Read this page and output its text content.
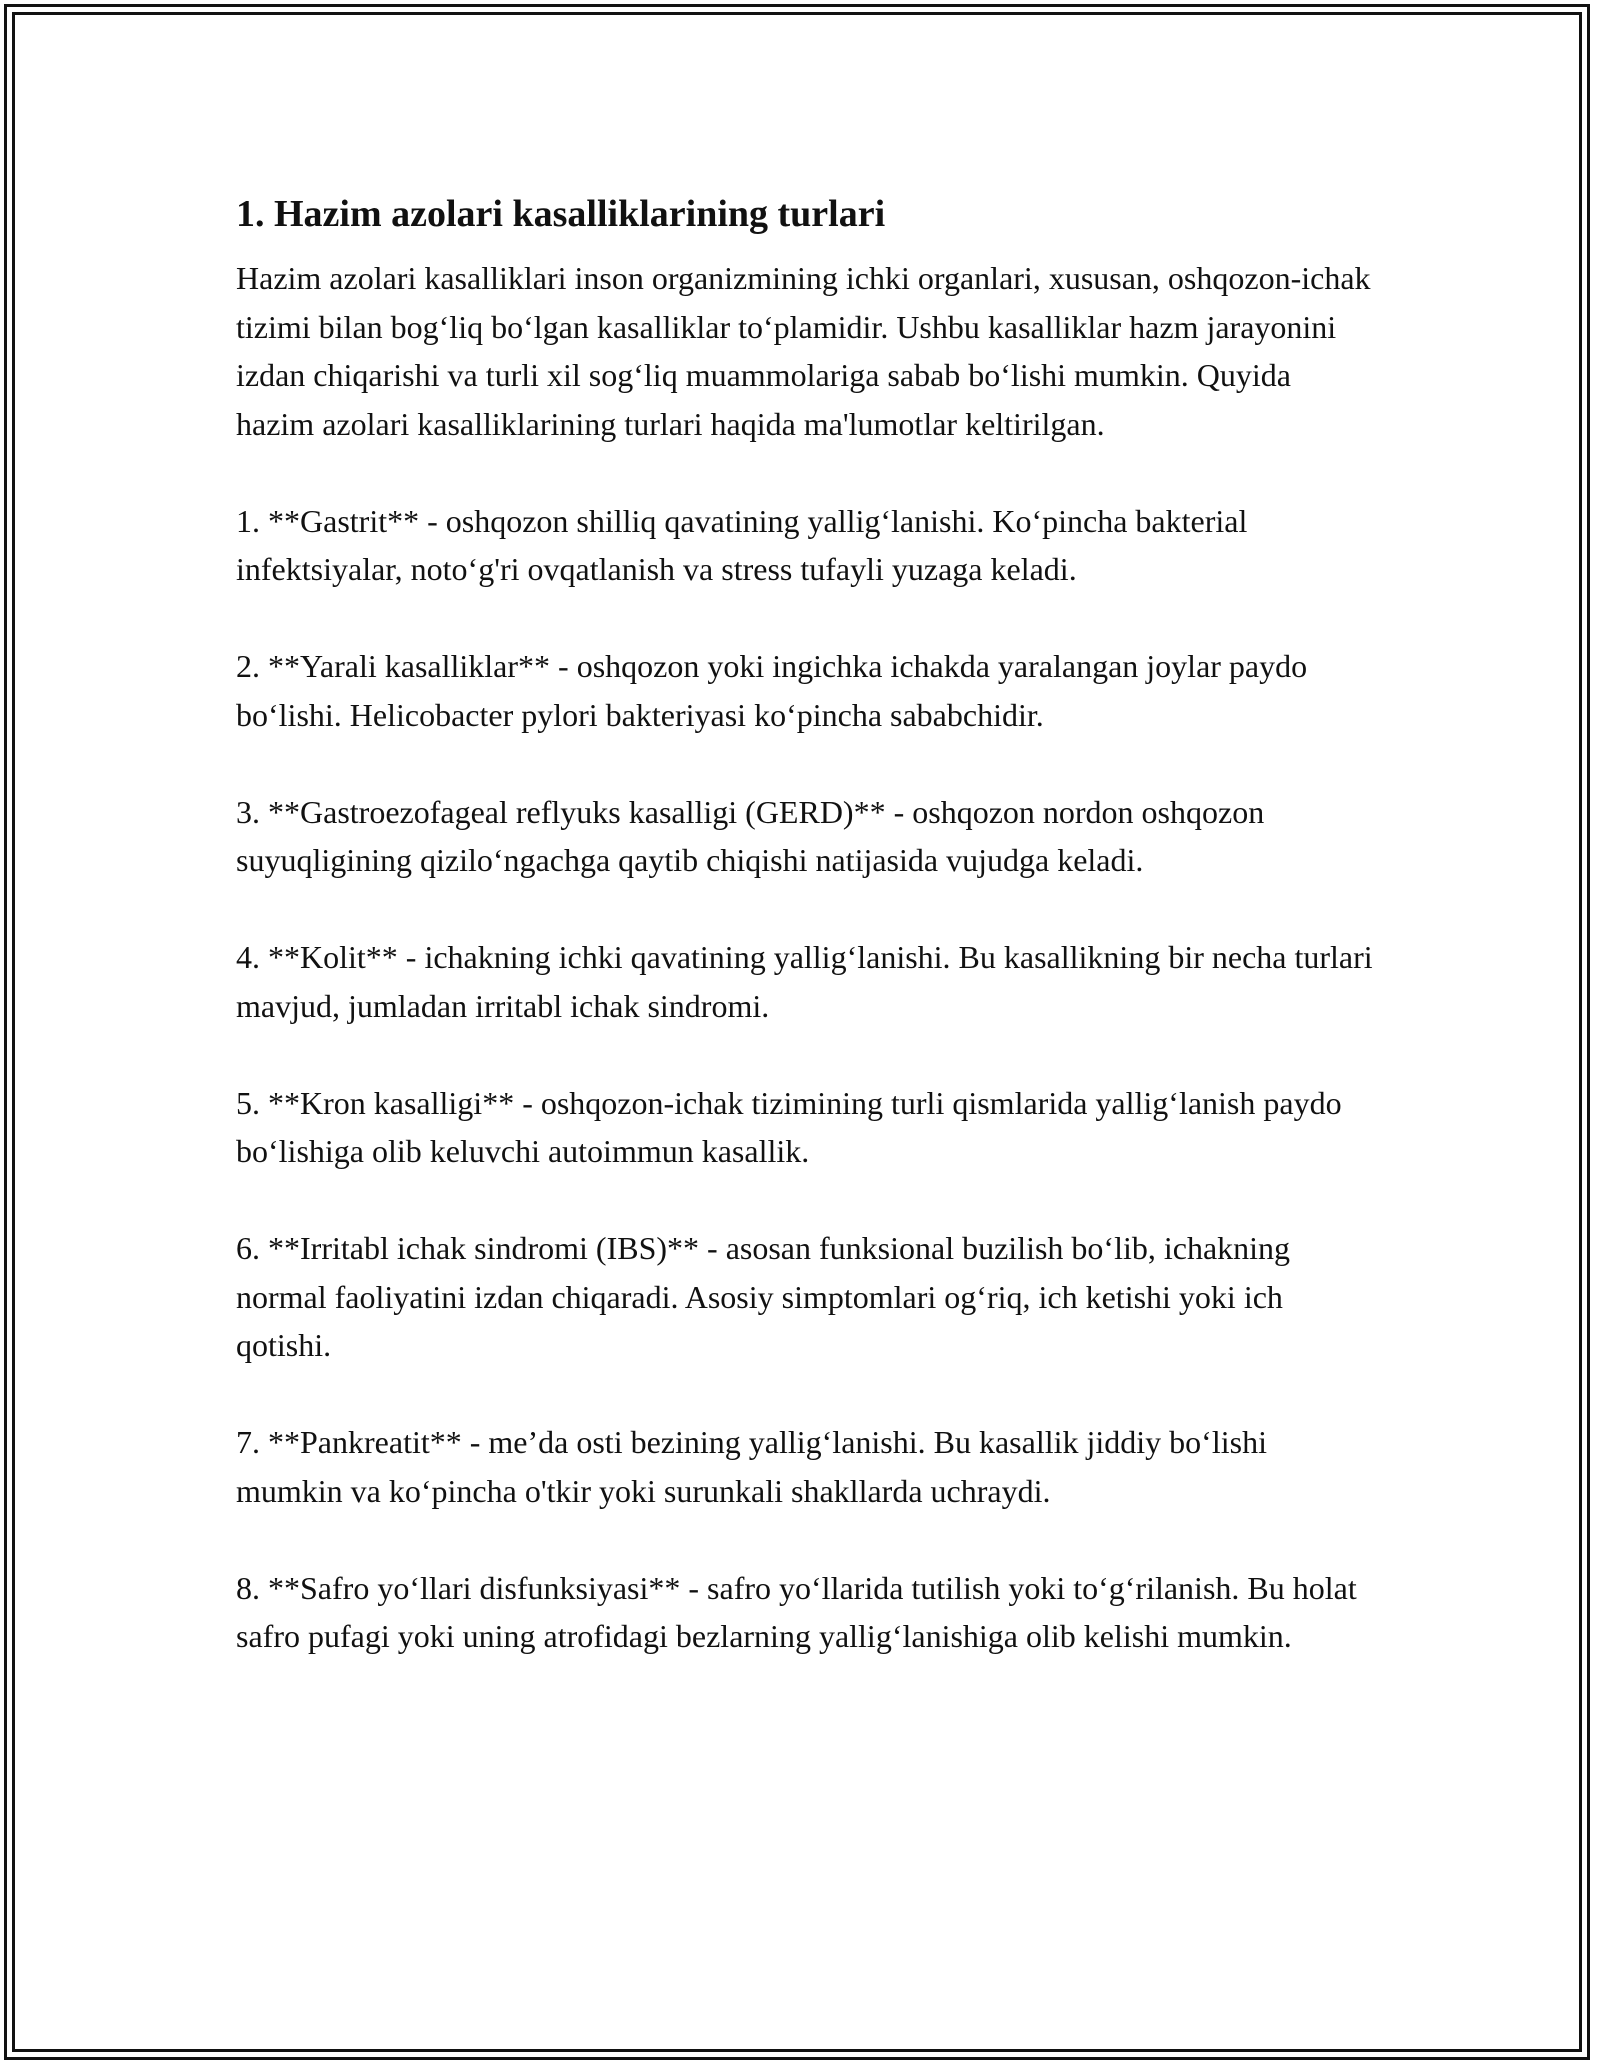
1. Hazim azolari kasalliklarining turlari

Hazim azolari kasalliklari inson organizmining ichki organlari, xususan, oshqozon-ichak tizimi bilan bog‘liq bo‘lgan kasalliklar to‘plamidir. Ushbu kasalliklar hazm jarayonini izdan chiqarishi va turli xil sog‘liq muammolariga sabab bo‘lishi mumkin. Quyida hazim azolari kasalliklarining turlari haqida ma'lumotlar keltirilgan.

1. **Gastrit** - oshqozon shilliq qavatining yallig‘lanishi. Ko‘pincha bakterial infektsiyalar, noto‘g'ri ovqatlanish va stress tufayli yuzaga keladi.

2. **Yarali kasalliklar** - oshqozon yoki ingichka ichakda yaralangan joylar paydo bo‘lishi. Helicobacter pylori bakteriyasi ko‘pincha sababchidir.

3. **Gastroezofageal reflyuks kasalligi (GERD)** - oshqozon nordon oshqozon suyuqligining qizilo‘ngachga qaytib chiqishi natijasida vujudga keladi.

4. **Kolit** - ichakning ichki qavatining yallig‘lanishi. Bu kasallikning bir necha turlari mavjud, jumladan irritabl ichak sindromi.

5. **Kron kasalligi** - oshqozon-ichak tizimining turli qismlarida yallig‘lanish paydo bo‘lishiga olib keluvchi autoimmun kasallik.

6. **Irritabl ichak sindromi (IBS)** - asosan funksional buzilish bo‘lib, ichakning normal faoliyatini izdan chiqaradi. Asosiy simptomlari og‘riq, ich ketishi yoki ich qotishi.

7. **Pankreatit** - me’da osti bezining yallig‘lanishi. Bu kasallik jiddiy bo‘lishi mumkin va ko‘pincha o'tkir yoki surunkali shakllarda uchraydi.

8. **Safro yo‘llari disfunksiyasi** - safro yo‘llarida tutilish yoki to‘g‘rilanish. Bu holat safro pufagi yoki uning atrofidagi bezlarning yallig‘lanishiga olib kelishi mumkin.
